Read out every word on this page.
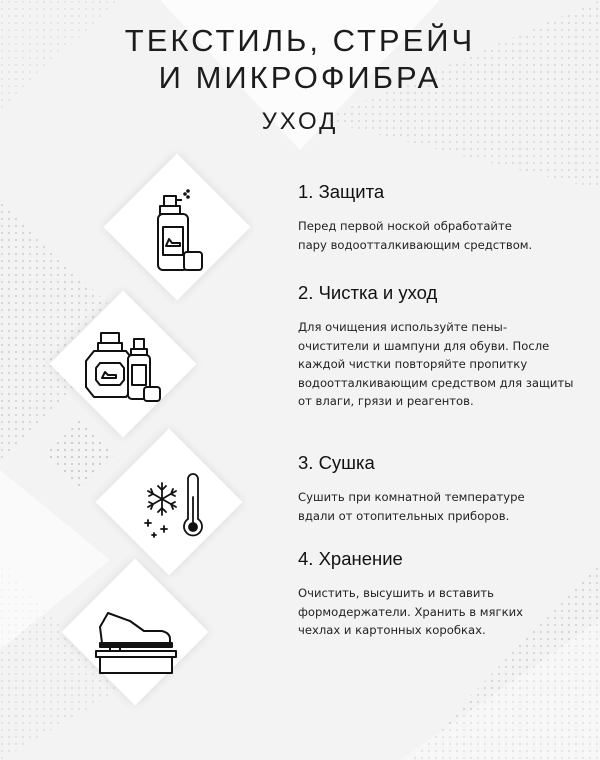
ТЕКСТИЛЬ, СТРЕЙЧ
И МИКРОФИБРА
УХОД
1. Защита

Перед первой ноской обработайте пару водоотталкивающим средством.

2. Чистка и уход

Для очищения используйте пены-очистители и шампуни для обуви. После каждой чистки повторяйте пропитку водоотталкивающим средством для защиты от влаги, грязи и реагентов.

3. Сушка

Сушить при комнатной температуре вдали от отопительных приборов.

4. Хранение

Очистить, высушить и вставить формодержатели. Хранить в мягких чехлах и картонных коробках.
